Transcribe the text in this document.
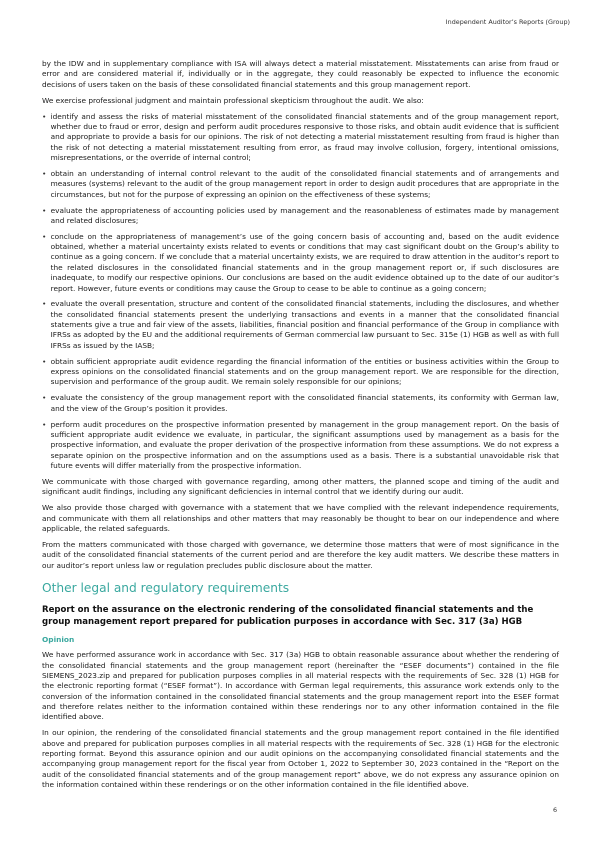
Independent Auditor’s Reports (Group)

by the IDW and in supplementary compliance with ISA will always detect a material misstatement. Misstatements can arise from fraud or error and are considered material if, individually or in the aggregate, they could reasonably be expected to influence the economic decisions of users taken on the basis of these consolidated financial statements and this group management report.

We exercise professional judgment and maintain professional skepticism throughout the audit. We also:

• identify and assess the risks of material misstatement of the consolidated financial statements and of the group management report, whether due to fraud or error, design and perform audit procedures responsive to those risks, and obtain audit evidence that is sufficient and appropriate to provide a basis for our opinions. The risk of not detecting a material misstatement resulting from fraud is higher than the risk of not detecting a material misstatement resulting from error, as fraud may involve collusion, forgery, intentional omissions, misrepresentations, or the override of internal control;
• obtain an understanding of internal control relevant to the audit of the consolidated financial statements and of arrangements and measures (systems) relevant to the audit of the group management report in order to design audit procedures that are appropriate in the circumstances, but not for the purpose of expressing an opinion on the effectiveness of these systems;
• evaluate the appropriateness of accounting policies used by management and the reasonableness of estimates made by management and related disclosures;
• conclude on the appropriateness of management’s use of the going concern basis of accounting and, based on the audit evidence obtained, whether a material uncertainty exists related to events or conditions that may cast significant doubt on the Group’s ability to continue as a going concern. If we conclude that a material uncertainty exists, we are required to draw attention in the auditor’s report to the related disclosures in the consolidated financial statements and in the group management report or, if such disclosures are inadequate, to modify our respective opinions. Our conclusions are based on the audit evidence obtained up to the date of our auditor’s report. However, future events or conditions may cause the Group to cease to be able to continue as a going concern;
• evaluate the overall presentation, structure and content of the consolidated financial statements, including the disclosures, and whether the consolidated financial statements present the underlying transactions and events in a manner that the consolidated financial statements give a true and fair view of the assets, liabilities, financial position and financial performance of the Group in compliance with IFRSs as adopted by the EU and the additional requirements of German commercial law pursuant to Sec. 315e (1) HGB as well as with full IFRSs as issued by the IASB;
• obtain sufficient appropriate audit evidence regarding the financial information of the entities or business activities within the Group to express opinions on the consolidated financial statements and on the group management report. We are responsible for the direction, supervision and performance of the group audit. We remain solely responsible for our opinions;
• evaluate the consistency of the group management report with the consolidated financial statements, its conformity with German law, and the view of the Group’s position it provides.
• perform audit procedures on the prospective information presented by management in the group management report. On the basis of sufficient appropriate audit evidence we evaluate, in particular, the significant assumptions used by management as a basis for the prospective information, and evaluate the proper derivation of the prospective information from these assumptions. We do not express a separate opinion on the prospective information and on the assumptions used as a basis. There is a substantial unavoidable risk that future events will differ materially from the prospective information.

We communicate with those charged with governance regarding, among other matters, the planned scope and timing of the audit and significant audit findings, including any significant deficiencies in internal control that we identify during our audit.

We also provide those charged with governance with a statement that we have complied with the relevant independence requirements, and communicate with them all relationships and other matters that may reasonably be thought to bear on our independence and where applicable, the related safeguards.

From the matters communicated with those charged with governance, we determine those matters that were of most significance in the audit of the consolidated financial statements of the current period and are therefore the key audit matters. We describe these matters in our auditor’s report unless law or regulation precludes public disclosure about the matter.

Other legal and regulatory requirements
Report on the assurance on the electronic rendering of the consolidated financial statements and the group management report prepared for publication purposes in accordance with Sec. 317 (3a) HGB
Opinion

We have performed assurance work in accordance with Sec. 317 (3a) HGB to obtain reasonable assurance about whether the rendering of the consolidated financial statements and the group management report (hereinafter the “ESEF documents”) contained in the file SIEMENS_2023.zip and prepared for publication purposes complies in all material respects with the requirements of Sec. 328 (1) HGB for the electronic reporting format (“ESEF format”). In accordance with German legal requirements, this assurance work extends only to the conversion of the information contained in the consolidated financial statements and the group management report into the ESEF format and therefore relates neither to the information contained within these renderings nor to any other information contained in the file identified above.

In our opinion, the rendering of the consolidated financial statements and the group management report contained in the file identified above and prepared for publication purposes complies in all material respects with the requirements of Sec. 328 (1) HGB for the electronic reporting format. Beyond this assurance opinion and our audit opinions on the accompanying consolidated financial statements and the accompanying group management report for the fiscal year from October 1, 2022 to September 30, 2023 contained in the “Report on the audit of the consolidated financial statements and of the group management report” above, we do not express any assurance opinion on the information contained within these renderings or on the other information contained in the file identified above.

6
